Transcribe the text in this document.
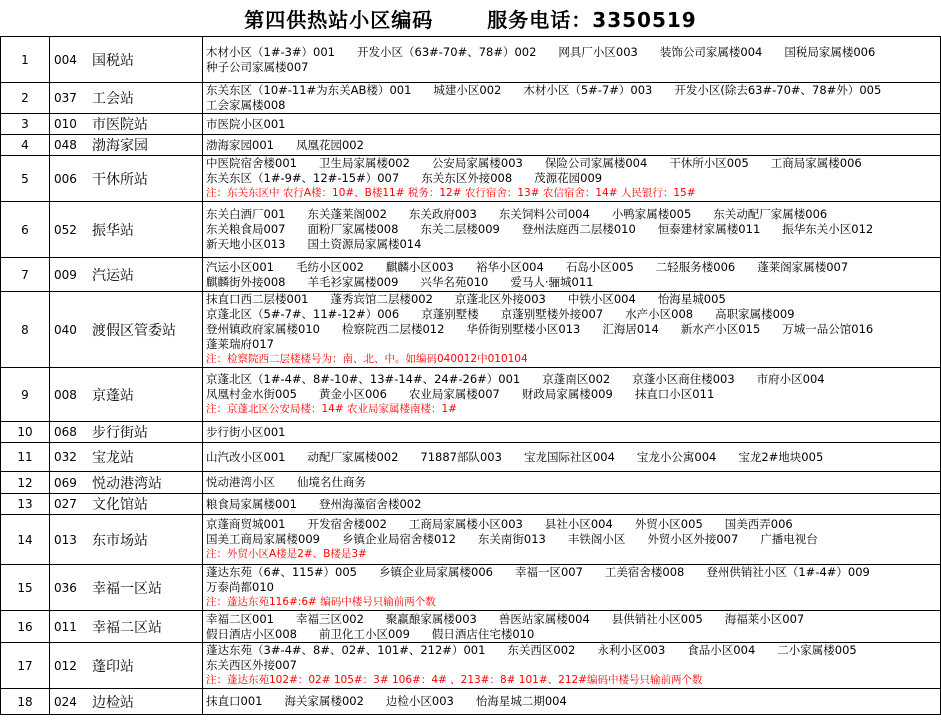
第四供热站小区编码	服务电话：3350519
1	004	国税站	木材小区（1#-3#）001 开发小区（63#-70#、78#）002 网具厂小区003 装饰公司家属楼004 国税局家属楼006种子公司家属楼007
2	037	工会站	东关东区（10#-11#为东关AB楼）001 城建小区002 木材小区（5#-7#）003 开发小区(除去63#-70#、78#外）005工会家属楼008
3	010	市医院站	市医院小区001
4	048	渤海家园	渤海家园001 凤凰花园002
5	006	干休所站	中医院宿舍楼001 卫生局家属楼002 公安局家属楼003 保险公司家属楼004 干休所小区005 工商局家属楼006东关东区（1#-9#、12#-15#）007 东关东区外接008 茂源花园009
注：东关东区中 农行A楼：10#、B楼11# 税务：12# 农行宿舍：13# 农信宿舍：14# 人民银行：15#

6	052	振华站	东关白酒厂001 东关蓬莱阁002 东关政府003 东关饲料公司004 小鸭家属楼005 东关动配厂家属楼006东关粮食局007 面粉厂家属楼008 东关二层楼009 登州法庭西二层楼010 恒泰建材家属楼011 振华东关小区012新天地小区013 国土资源局家属楼014
7	009	汽运站	汽运小区001 毛纺小区002 麒麟小区003 裕华小区004 石岛小区005 二轻服务楼006 蓬莱阁家属楼007麒麟街外接008 羊毛衫家属楼009 兴华名苑010 爱马人·骊城011
8	040	渡假区管委站	抹直口西二层楼001 蓬秀宾馆二层楼002 京蓬北区外接003 中铁小区004 怡海星城005京蓬北区（5#-7#、11#-12#）006 京蓬别墅楼 京蓬别墅楼外接007 水产小区008 高职家属楼009登州镇政府家属楼010 检察院西二层楼012 华侨街别墅楼小区013 汇海居014 新水产小区015 万城一品公馆016蓬莱瑞府017
注：检察院西二层楼楼号为：南、北、中。如编码040012中010104

9	008	京蓬站	京蓬北区（1#-4#、8#-10#、13#-14#、24#-26#）001 京蓬南区002 京蓬小区商住楼003 市府小区004凤凰村金水街005 黄金小区006 农业局家属楼007 财政局家属楼009 抹直口小区011
注：京蓬北区公安局楼：14# 农业局家属楼南楼：1#

10	068	步行街站	步行街小区001
11	032	宝龙站	山汽改小区001 动配厂家属楼002 71887部队003 宝龙国际社区004 宝龙小公寓004 宝龙2#地块005
12	069	悦动港湾站	悦动港湾小区 仙境名仕商务
13	027	文化馆站	粮食局家属楼001 登州海藻宿舍楼002
14	013	东市场站	京蓬商贸城001 开发宿舍楼002 工商局家属楼小区003 县社小区004 外贸小区005 国美西弄006国美工商局家属楼009 乡镇企业局宿舍楼012 东关南街013 丰铁阁小区 外贸小区外接007 广播电视台
注：外贸小区A楼是2#、B楼是3#

15	036	幸福一区站	蓬达东苑（6#、115#）005 乡镇企业局家属楼006 幸福一区007 工美宿舍楼008 登州供销社小区（1#-4#）009万泰尚都010
注：蓬达东苑116#:6# 编码中楼号只输前两个数

16	011	幸福二区站	幸福二区001 幸福三区002 聚赢酿家属楼003 兽医站家属楼004 县供销社小区005 海福莱小区007假日酒店小区008 前卫化工小区009 假日酒店住宅楼010
17	012	蓬印站	蓬达东苑（3#-4#、8#、02#、101#、212#）001 东关西区002 永利小区003 食品小区004 二小家属楼005东关西区外接007
注：蓬达东苑102#：02# 105#：3# 106#：4# 、213#：8# 101#、212#编码中楼号只输前两个数

18	024	边检站	抹直口001 海关家属楼002 边检小区003 怡海星城二期004
